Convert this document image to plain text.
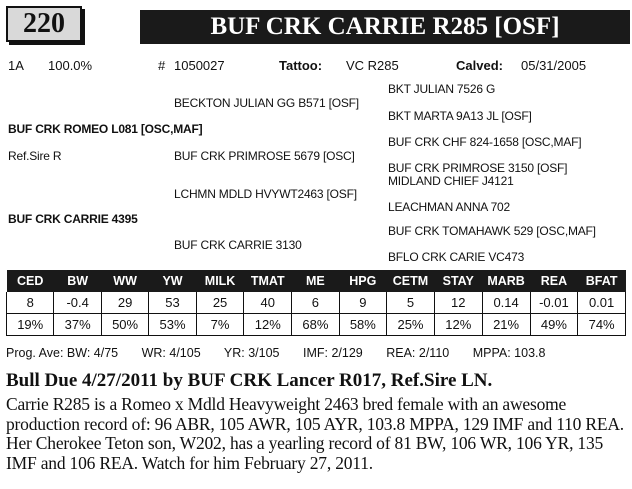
220	BUF CRK CARRIE R285 [OSF]
1A 100.0%	# 1050027	Tattoo: VC R285	Calved: 05/31/2005
BKT JULIAN 7526 G
BECKTON JULIAN GG B571 [OSF]
BKT MARTA 9A13 JL [OSF]
BUF CRK ROMEO L081 [OSC,MAF]
BUF CRK CHF 824-1658 [OSC,MAF]
Ref.Sire R	BUF CRK PRIMROSE 5679 [OSC]
BUF CRK PRIMROSE 3150 [OSF]
MIDLAND CHIEF J4121
LCHMN MDLD HVYWT2463 [OSF]
LEACHMAN ANNA 702
BUF CRK CARRIE 4395
BUF CRK TOMAHAWK 529 [OSC,MAF]
BUF CRK CARRIE 3130
BFLO CRK CARIE VC473
CED	BW	WW	YW	MILK	TMAT	ME	HPG	CETM	STAY	MARB	REA	BFAT
8	-0.4	29	53	25	40	6	9	5	12	0.14	-0.01	0.01
19%	37%	50%	53%	7%	12%	68%	58%	25%	12%	21%	49%	74%
Prog. Ave: BW: 4/75 WR: 4/105 YR: 3/105 IMF: 2/129 REA: 2/110 MPPA: 103.8
Bull Due 4/27/2011 by BUF CRK Lancer R017, Ref.Sire LN.
Carrie R285 is a Romeo x Mdld Heavyweight 2463 bred female with an awesome production record of: 96 ABR, 105 AWR, 105 AYR, 103.8 MPPA, 129 IMF and 110 REA. Her Cherokee Teton son, W202, has a yearling record of 81 BW, 106 WR, 106 YR, 135 IMF and 106 REA. Watch for him February 27, 2011.
